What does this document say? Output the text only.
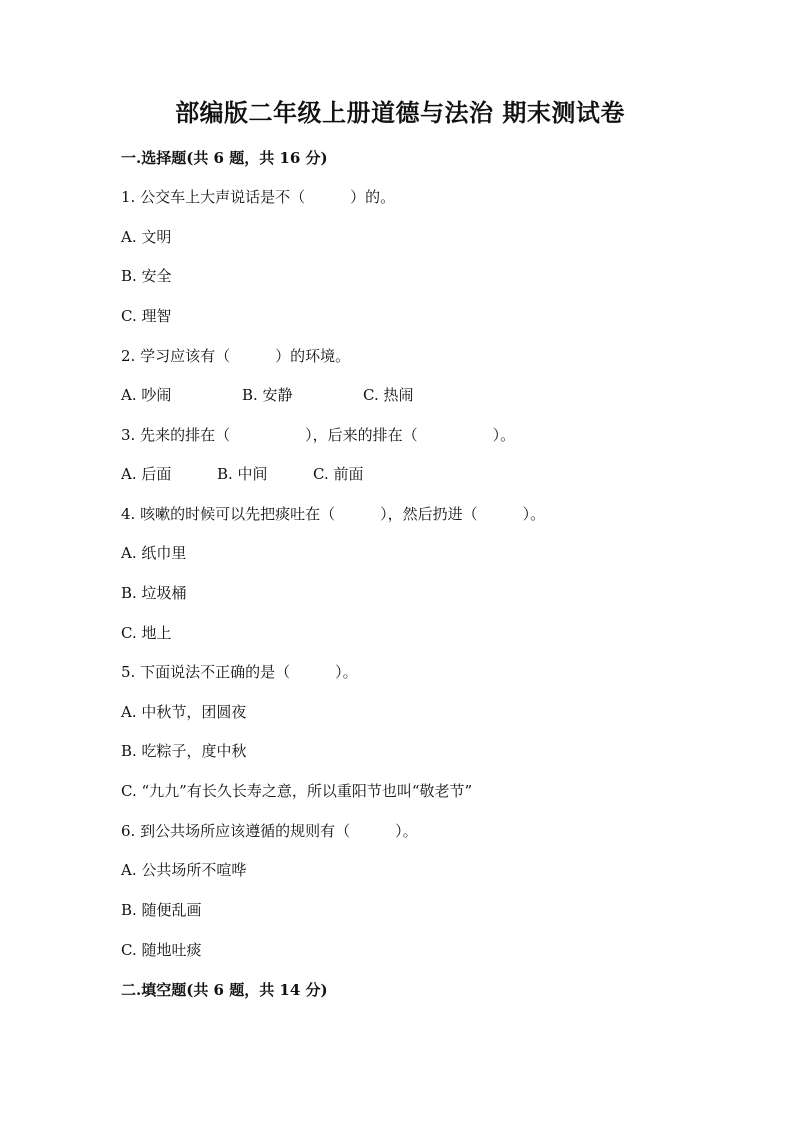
部编版二年级上册道德与法治 期末测试卷
一.选择题(共 6 题，共 16 分)
1. 公交车上大声说话是不（　　　）的。
A. 文明
B. 安全
C. 理智
2. 学习应该有（　　　）的环境。
A. 吵闹	B. 安静	C. 热闹
3. 先来的排在（　　　　　），后来的排在（　　　　　）。
A. 后面	B. 中间	C. 前面
4. 咳嗽的时候可以先把痰吐在（　　　），然后扔进（　　　）。
A. 纸巾里
B. 垃圾桶
C. 地上
5. 下面说法不正确的是（　　　）。
A. 中秋节，团圆夜
B. 吃粽子，度中秋
C. “九九”有长久长寿之意，所以重阳节也叫“敬老节”
6. 到公共场所应该遵循的规则有（　　　）。
A. 公共场所不喧哗
B. 随便乱画
C. 随地吐痰
二.填空题(共 6 题，共 14 分)
